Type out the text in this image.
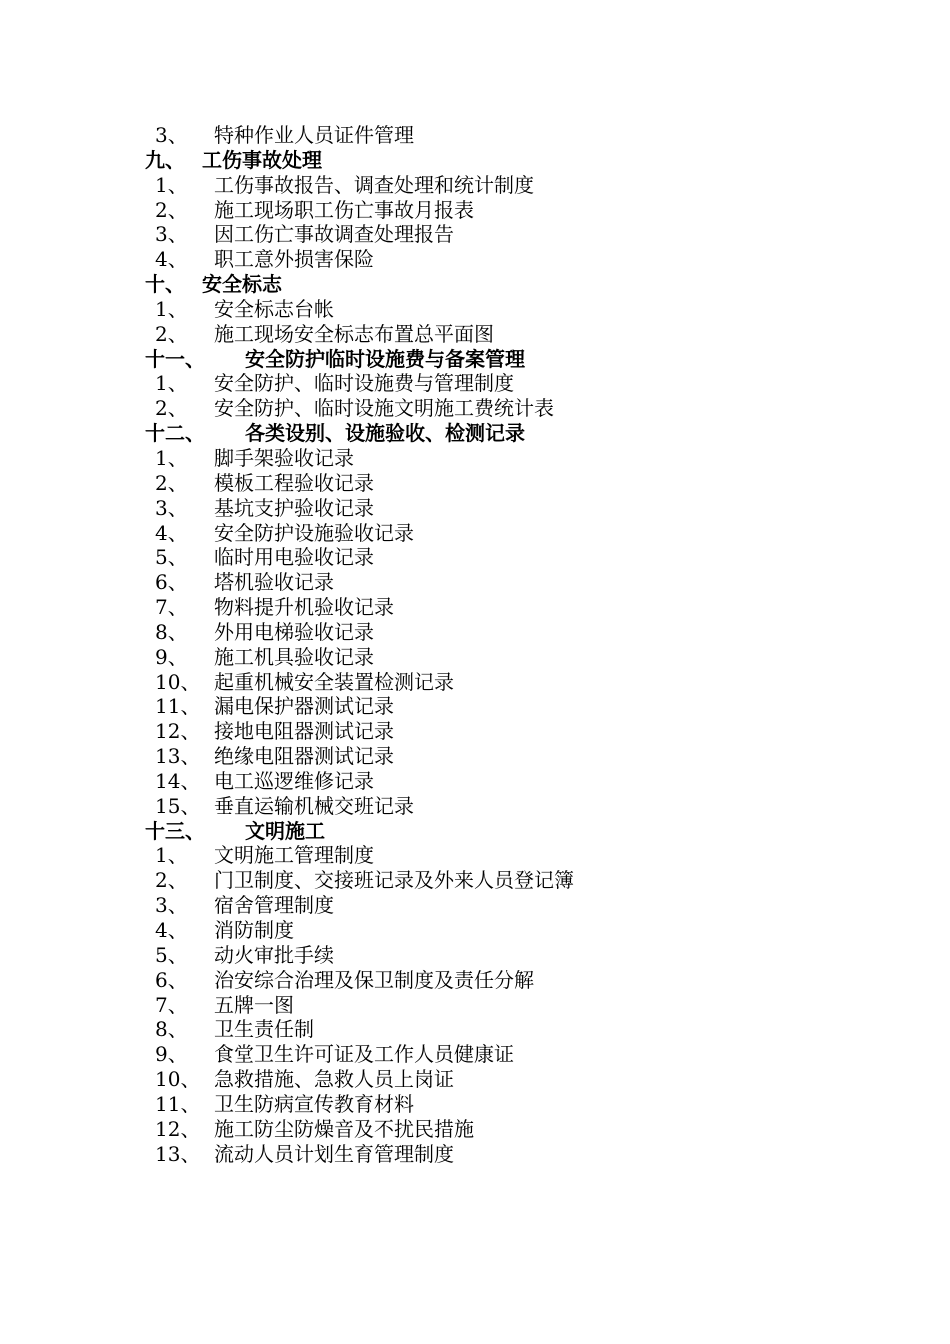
3、	特种作业人员证件管理
九、 工伤事故处理
1、	工伤事故报告、调查处理和统计制度
2、	施工现场职工伤亡事故月报表
3、	因工伤亡事故调查处理报告
4、	职工意外损害保险
十、 安全标志
1、	安全标志台帐
2、	施工现场安全标志布置总平面图
十一、 安全防护临时设施费与备案管理
1、	安全防护、临时设施费与管理制度
2、	安全防护、临时设施文明施工费统计表
十二、 各类设别、设施验收、检测记录
1、	脚手架验收记录
2、	模板工程验收记录
3、	基坑支护验收记录
4、	安全防护设施验收记录
5、	临时用电验收记录
6、	塔机验收记录
7、	物料提升机验收记录
8、	外用电梯验收记录
9、	施工机具验收记录
10、 起重机械安全装置检测记录
11、 漏电保护器测试记录
12、 接地电阻器测试记录
13、 绝缘电阻器测试记录
14、 电工巡逻维修记录
15、 垂直运输机械交班记录
十三、 文明施工
1、	文明施工管理制度
2、	门卫制度、交接班记录及外来人员登记簿
3、	宿舍管理制度
4、	消防制度
5、	动火审批手续
6、	治安综合治理及保卫制度及责任分解
7、	五牌一图
8、	卫生责任制
9、	食堂卫生许可证及工作人员健康证
10、 急救措施、急救人员上岗证
11、 卫生防病宣传教育材料
12、 施工防尘防燥音及不扰民措施
13、 流动人员计划生育管理制度
